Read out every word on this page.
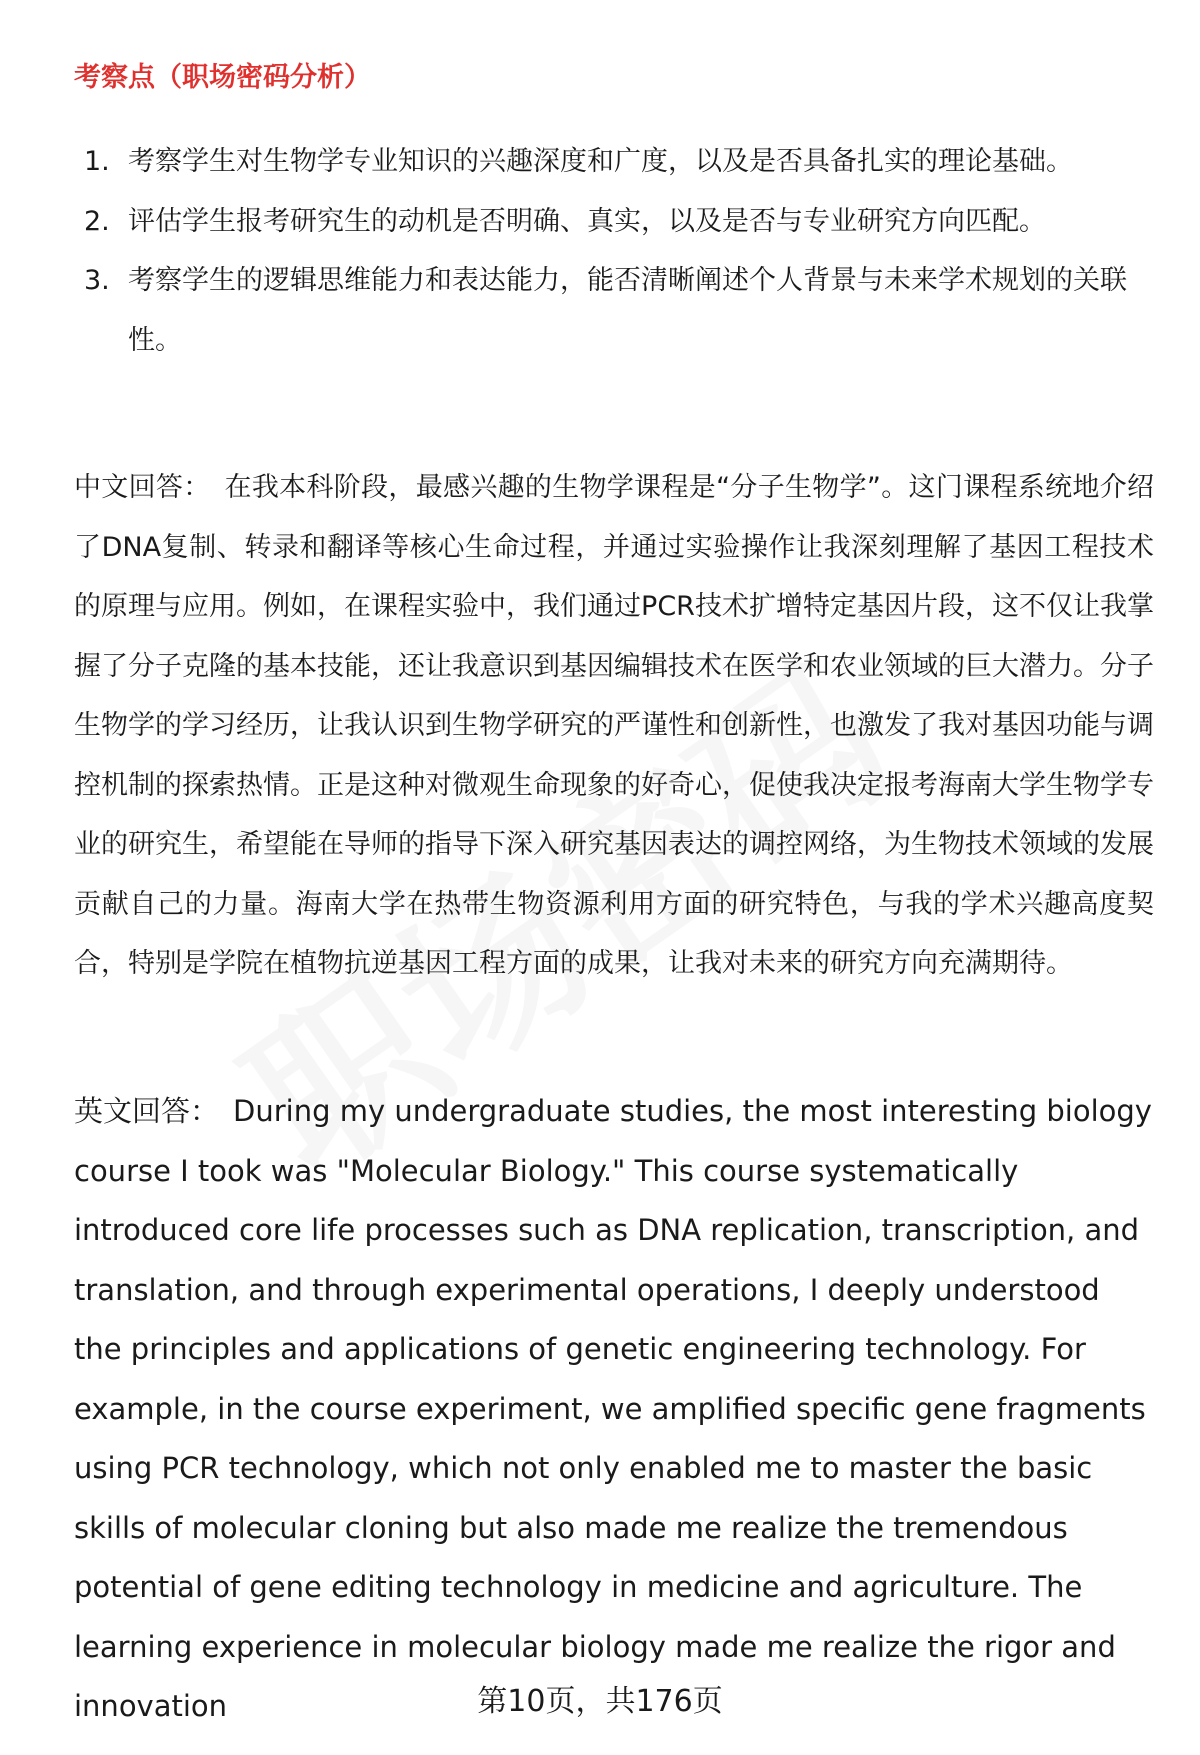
考察点（职场密码分析）
1. 考察学生对生物学专业知识的兴趣深度和广度，以及是否具备扎实的理论基础。
2. 评估学生报考研究生的动机是否明确、真实，以及是否与专业研究方向匹配。
3. 考察学生的逻辑思维能力和表达能力，能否清晰阐述个人背景与未来学术规划的关联性。

中文回答： 在我本科阶段，最感兴趣的生物学课程是“分子生物学”。这门课程系统地介绍了DNA复制、转录和翻译等核心生命过程，并通过实验操作让我深刻理解了基因工程技术的原理与应用。例如，在课程实验中，我们通过PCR技术扩增特定基因片段，这不仅让我掌握了分子克隆的基本技能，还让我意识到基因编辑技术在医学和农业领域的巨大潜力。分子生物学的学习经历，让我认识到生物学研究的严谨性和创新性，也激发了我对基因功能与调控机制的探索热情。正是这种对微观生命现象的好奇心，促使我决定报考海南大学生物学专业的研究生，希望能在导师的指导下深入研究基因表达的调控网络，为生物技术领域的发展贡献自己的力量。海南大学在热带生物资源利用方面的研究特色，与我的学术兴趣高度契合，特别是学院在植物抗逆基因工程方面的成果，让我对未来的研究方向充满期待。

英文回答： During my undergraduate studies, the most interesting biology course I took was "Molecular Biology." This course systematically introduced core life processes such as DNA replication, transcription, and translation, and through experimental operations, I deeply understood the principles and applications of genetic engineering technology. For example, in the course experiment, we amplified specific gene fragments using PCR technology, which not only enabled me to master the basic skills of molecular cloning but also made me realize the tremendous potential of gene editing technology in medicine and agriculture. The learning experience in molecular biology made me realize the rigor and innovation	第10页，共176页
